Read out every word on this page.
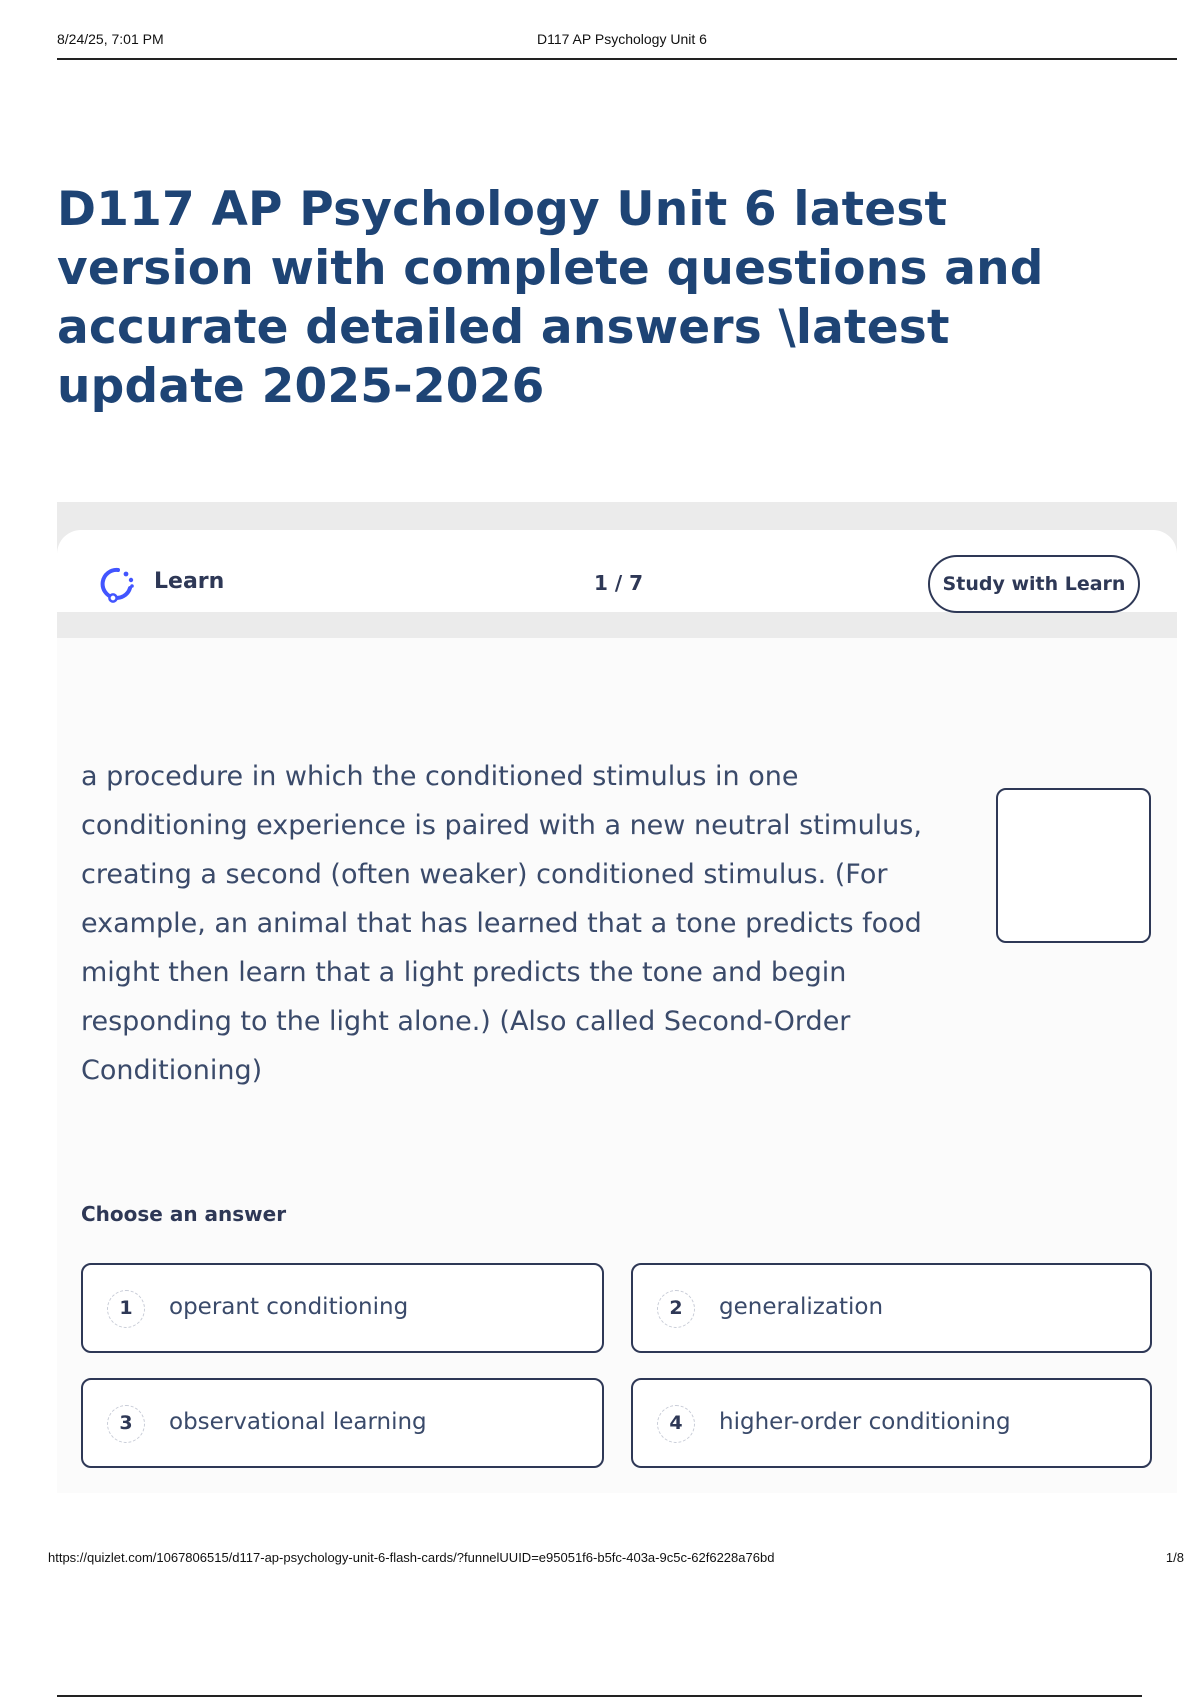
8/24/25, 7:01 PM	D117 AP Psychology Unit 6
D117 AP Psychology Unit 6 latest version with complete questions and accurate detailed answers \latest update 2025-2026
Learn	1 / 7	Study with Learn

a procedure in which the conditioned stimulus in one conditioning experience is paired with a new neutral stimulus, creating a second (often weaker) conditioned stimulus. (For example, an animal that has learned that a tone predicts food might then learn that a light predicts the tone and begin responding to the light alone.) (Also called Second-Order Conditioning)

Choose an answer
1	operant conditioning	2	generalization
3	observational learning	4	higher-order conditioning
https://quizlet.com/1067806515/d117-ap-psychology-unit-6-flash-cards/?funnelUUID=e95051f6-b5fc-403a-9c5c-62f6228a76bd	1/8
